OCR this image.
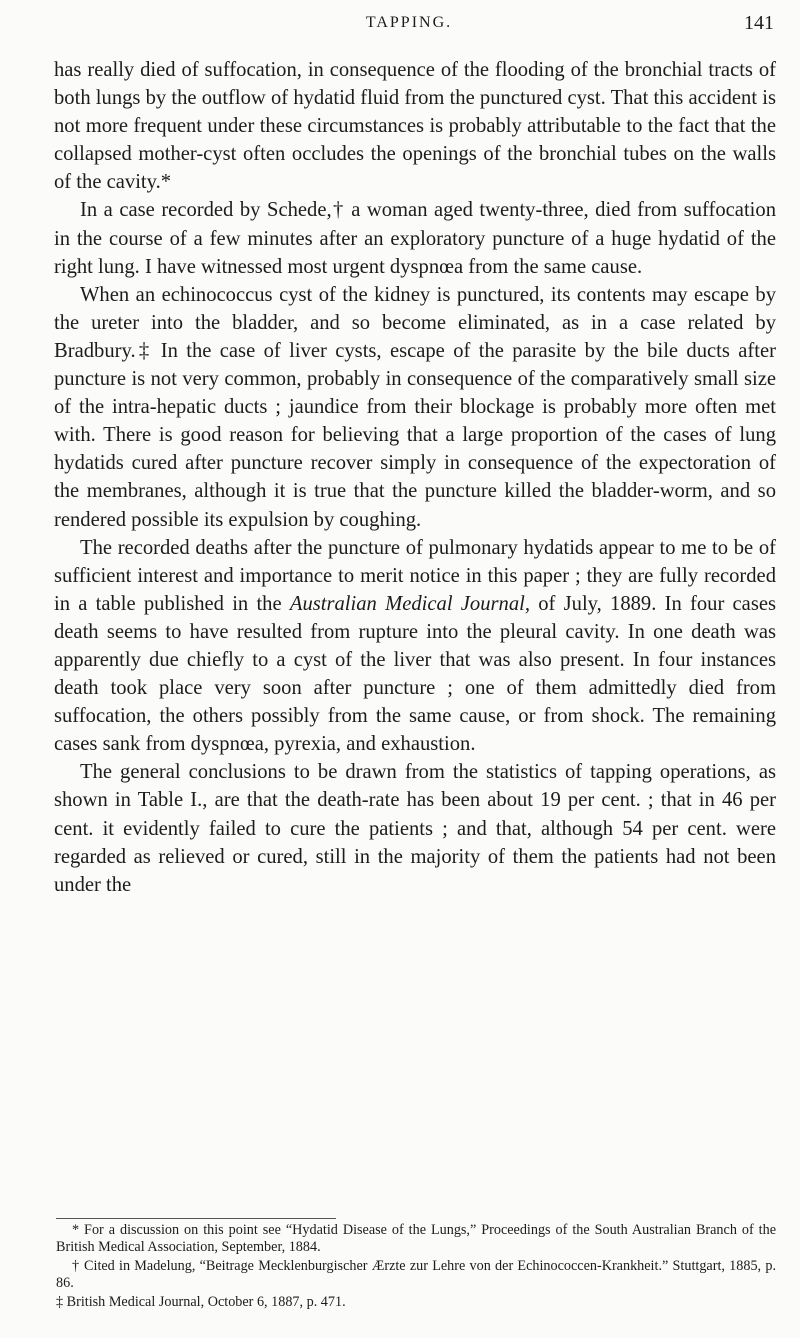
TAPPING.	141

has really died of suffocation, in consequence of the flooding of the bronchial tracts of both lungs by the outflow of hydatid fluid from the punctured cyst. That this accident is not more frequent under these circumstances is probably attributable to the fact that the collapsed mother-cyst often occludes the openings of the bronchial tubes on the walls of the cavity.*

In a case recorded by Schede,† a woman aged twenty-three, died from suffocation in the course of a few minutes after an exploratory puncture of a huge hydatid of the right lung. I have witnessed most urgent dyspnœa from the same cause.

When an echinococcus cyst of the kidney is punctured, its contents may escape by the ureter into the bladder, and so become eliminated, as in a case related by Bradbury.‡ In the case of liver cysts, escape of the parasite by the bile ducts after puncture is not very common, probably in consequence of the comparatively small size of the intra-hepatic ducts ; jaundice from their blockage is probably more often met with. There is good reason for believing that a large proportion of the cases of lung hydatids cured after puncture recover simply in consequence of the expectoration of the membranes, although it is true that the puncture killed the bladder-worm, and so rendered possible its expulsion by coughing.

The recorded deaths after the puncture of pulmonary hydatids appear to me to be of sufficient interest and importance to merit notice in this paper ; they are fully recorded in a table published in the Australian Medical Journal, of July, 1889. In four cases death seems to have resulted from rupture into the pleural cavity. In one death was apparently due chiefly to a cyst of the liver that was also present. In four instances death took place very soon after puncture ; one of them admittedly died from suffocation, the others possibly from the same cause, or from shock. The remaining cases sank from dyspnœa, pyrexia, and exhaustion.

The general conclusions to be drawn from the statistics of tapping operations, as shown in Table I., are that the death-rate has been about 19 per cent. ; that in 46 per cent. it evidently failed to cure the patients ; and that, although 54 per cent. were regarded as relieved or cured, still in the majority of them the patients had not been under the

* For a discussion on this point see “Hydatid Disease of the Lungs,” Proceedings of the South Australian Branch of the British Medical Association, September, 1884.

† Cited in Madelung, “Beitrage Mecklenburgischer Ærzte zur Lehre von der Echinococcen-Krankheit.” Stuttgart, 1885, p. 86.

‡ British Medical Journal, October 6, 1887, p. 471.
